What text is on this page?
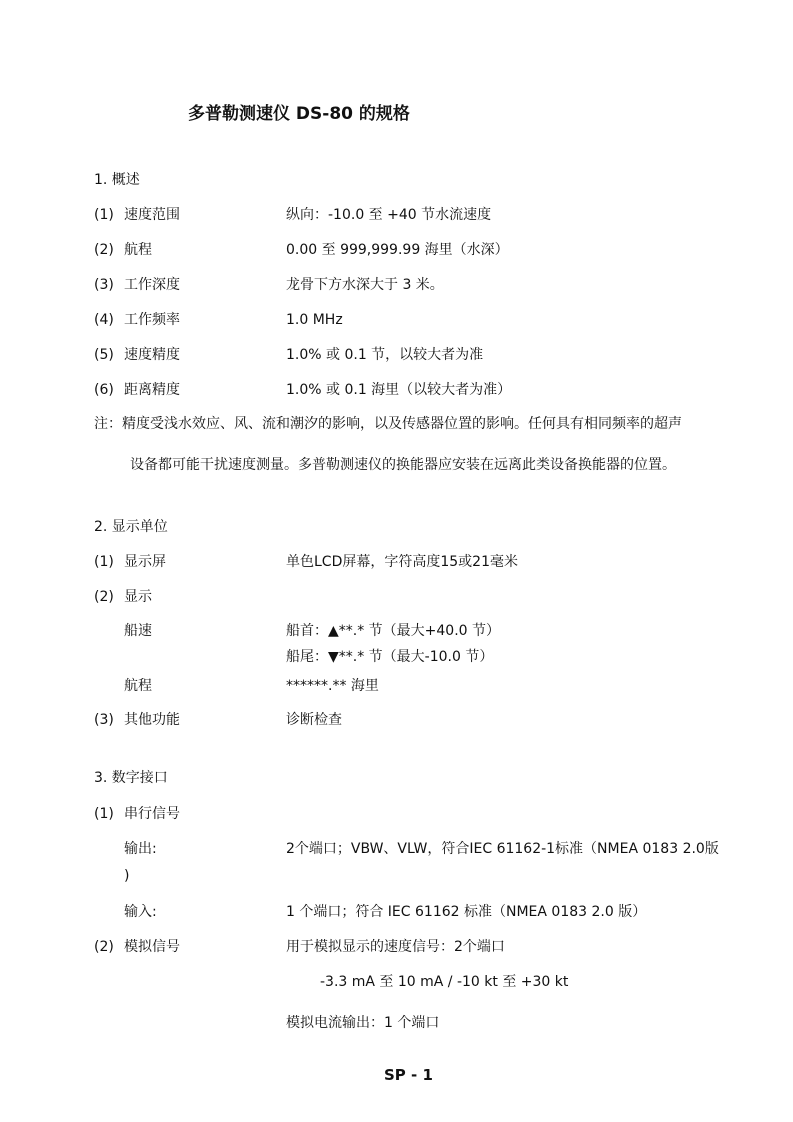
多普勒测速仪 DS-80 的规格
1. 概述
(1) 速度范围	纵向：-10.0 至 +40 节水流速度
(2) 航程	0.00 至 999,999.99 海里（水深）
(3) 工作深度	龙骨下方水深大于 3 米。
(4) 工作频率	1.0 MHz
(5) 速度精度	1.0% 或 0.1 节，以较大者为准
(6) 距离精度	1.0% 或 0.1 海里（以较大者为准）
注：精度受浅水效应、风、流和潮汐的影响，以及传感器位置的影响。任何具有相同频率的超声
设备都可能干扰速度测量。多普勒测速仪的换能器应安装在远离此类设备换能器的位置。
2. 显示单位
(1) 显示屏	单色LCD屏幕，字符高度15或21毫米
(2) 显示
船速	船首：▲**.* 节（最大+40.0 节）
船尾：▼**.* 节（最大-10.0 节）
航程	******.** 海里
(3) 其他功能	诊断检查
3. 数字接口
(1) 串行信号
输出:	2个端口；VBW、VLW，符合IEC 61162-1标准（NMEA 0183 2.0版
)
输入:	1 个端口；符合 IEC 61162 标准（NMEA 0183 2.0 版）
(2) 模拟信号	用于模拟显示的速度信号：2个端口
-3.3 mA 至 10 mA / -10 kt 至 +30 kt
模拟电流输出：1 个端口
SP - 1
